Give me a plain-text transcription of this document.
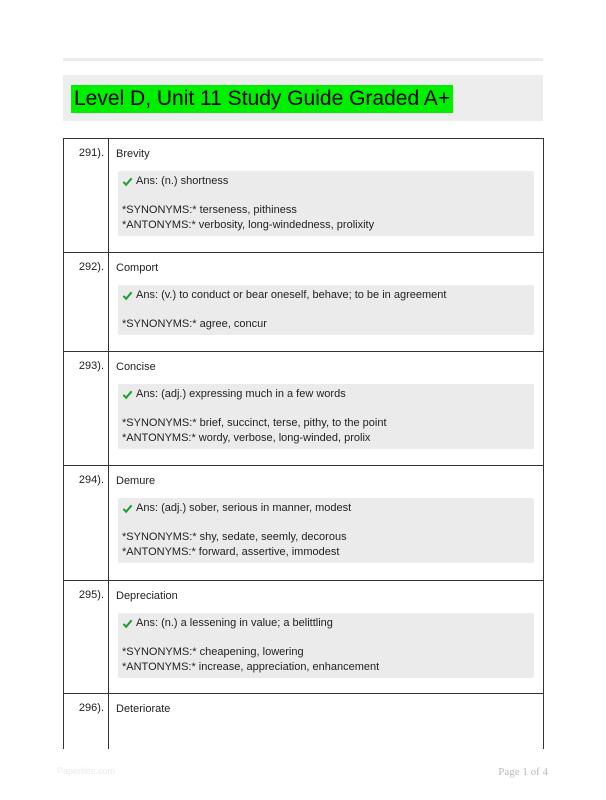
Level D, Unit 11 Study Guide Graded A+
291). Brevity
Ans: (n.) shortness
*SYNONYMS:* terseness, pithiness
*ANTONYMS:* verbosity, long-windedness, prolixity
292). Comport
Ans: (v.) to conduct or bear oneself, behave; to be in agreement
*SYNONYMS:* agree, concur
293). Concise
Ans: (adj.) expressing much in a few words
*SYNONYMS:* brief, succinct, terse, pithy, to the point
*ANTONYMS:* wordy, verbose, long-winded, prolix
294). Demure
Ans: (adj.) sober, serious in manner, modest
*SYNONYMS:* shy, sedate, seemly, decorous
*ANTONYMS:* forward, assertive, immodest
295). Depreciation
Ans: (n.) a lessening in value; a belittling
*SYNONYMS:* cheapening, lowering
*ANTONYMS:* increase, appreciation, enhancement
296). Deteriorate
Paperbite.com	Page 1 of 4
